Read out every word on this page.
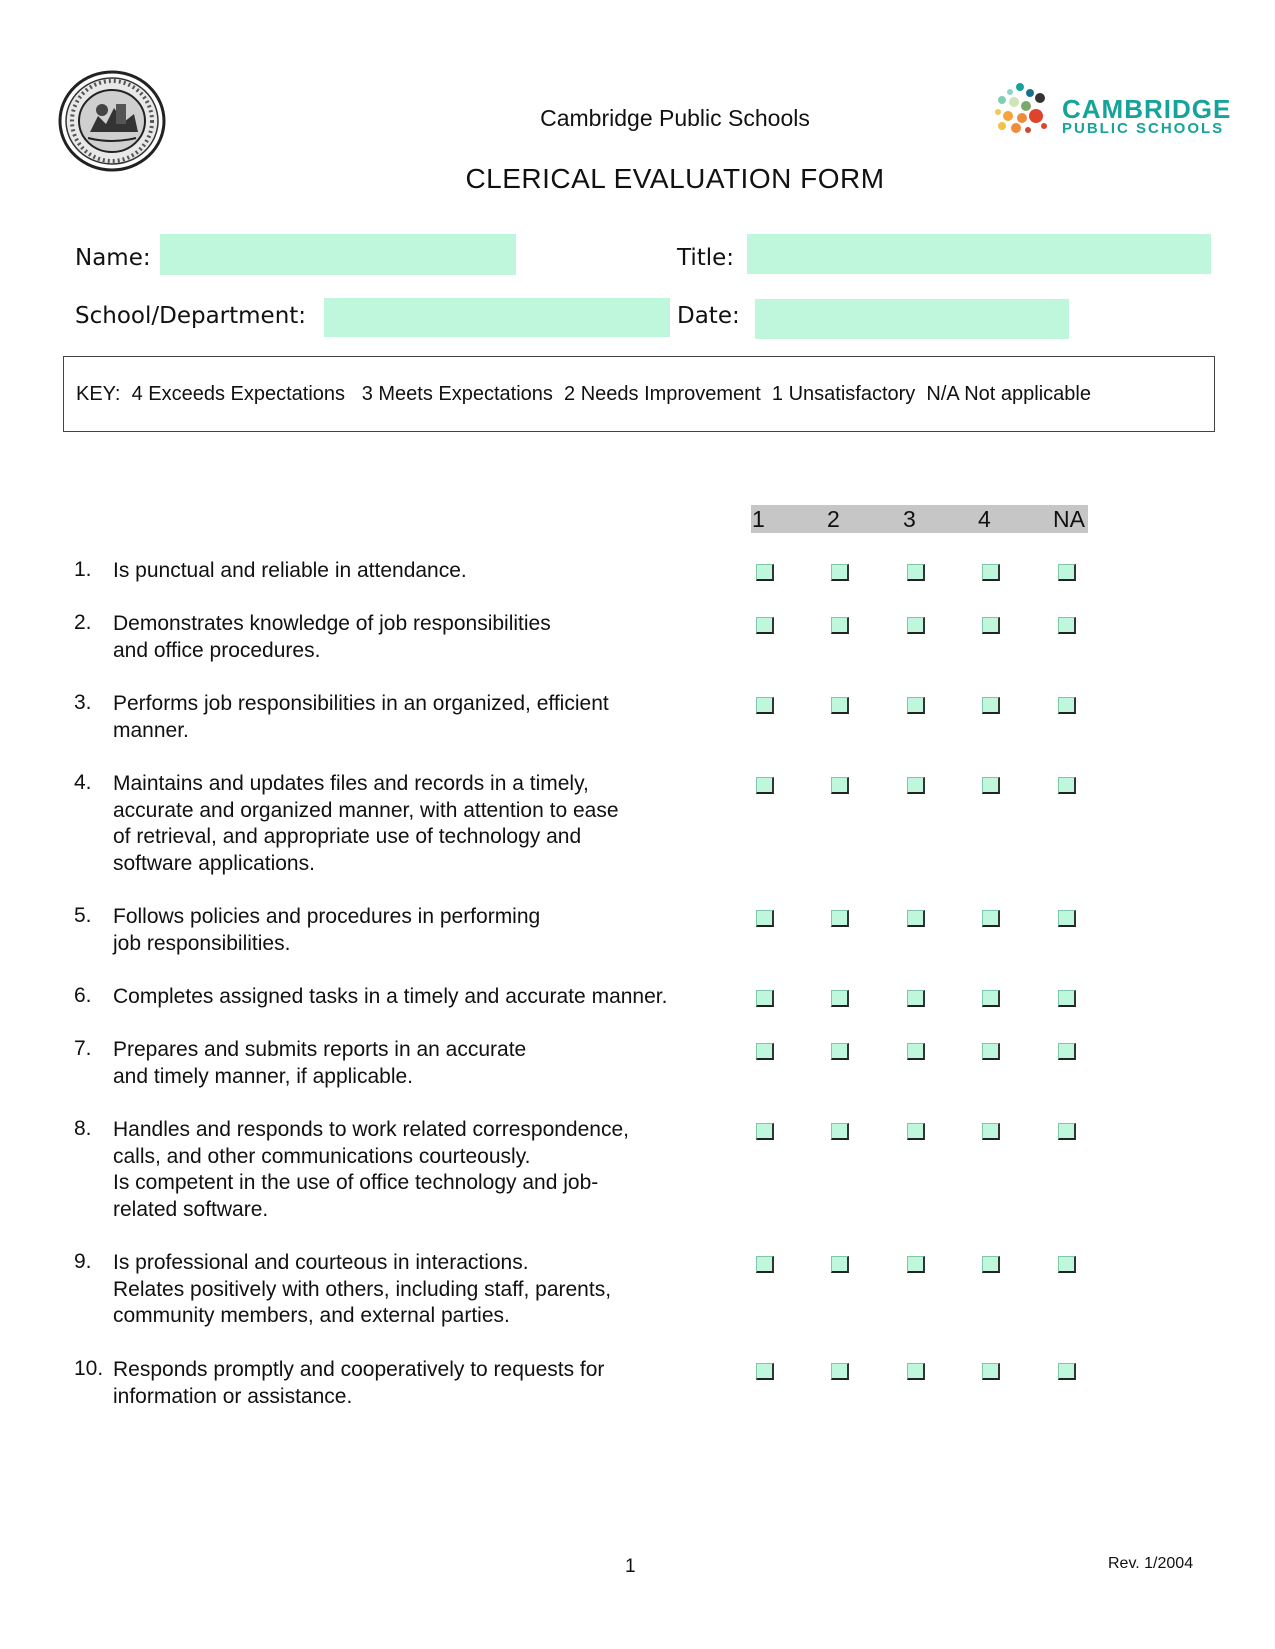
CAMBRIDGE
PUBLIC SCHOOLS
Cambridge Public Schools
CLERICAL EVALUATION FORM
Name:	Title:
School/Department:	Date:
KEY:  4 Exceeds Expectations   3 Meets Expectations  2 Needs Improvement  1 Unsatisfactory  N/A Not applicable
1	2	3	4	NA
1.	Is punctual and reliable in attendance.
2.	Demonstrates knowledge of job responsibilities
and office procedures.
3.	Performs job responsibilities in an organized, efficient
manner.
4.	Maintains and updates files and records in a timely,
accurate and organized manner, with attention to ease
of retrieval, and appropriate use of technology and
software applications.
5.	Follows policies and procedures in performing
job responsibilities.
6.	Completes assigned tasks in a timely and accurate manner.
7.	Prepares and submits reports in an accurate
and timely manner, if applicable.
8.	Handles and responds to work related correspondence,
calls, and other communications courteously.
Is competent in the use of office technology and job-
related software.
9.	Is professional and courteous in interactions.
Relates positively with others, including staff, parents,
community members, and external parties.
10. Responds promptly and cooperatively to requests for
information or assistance.
1	Rev. 1/2004
